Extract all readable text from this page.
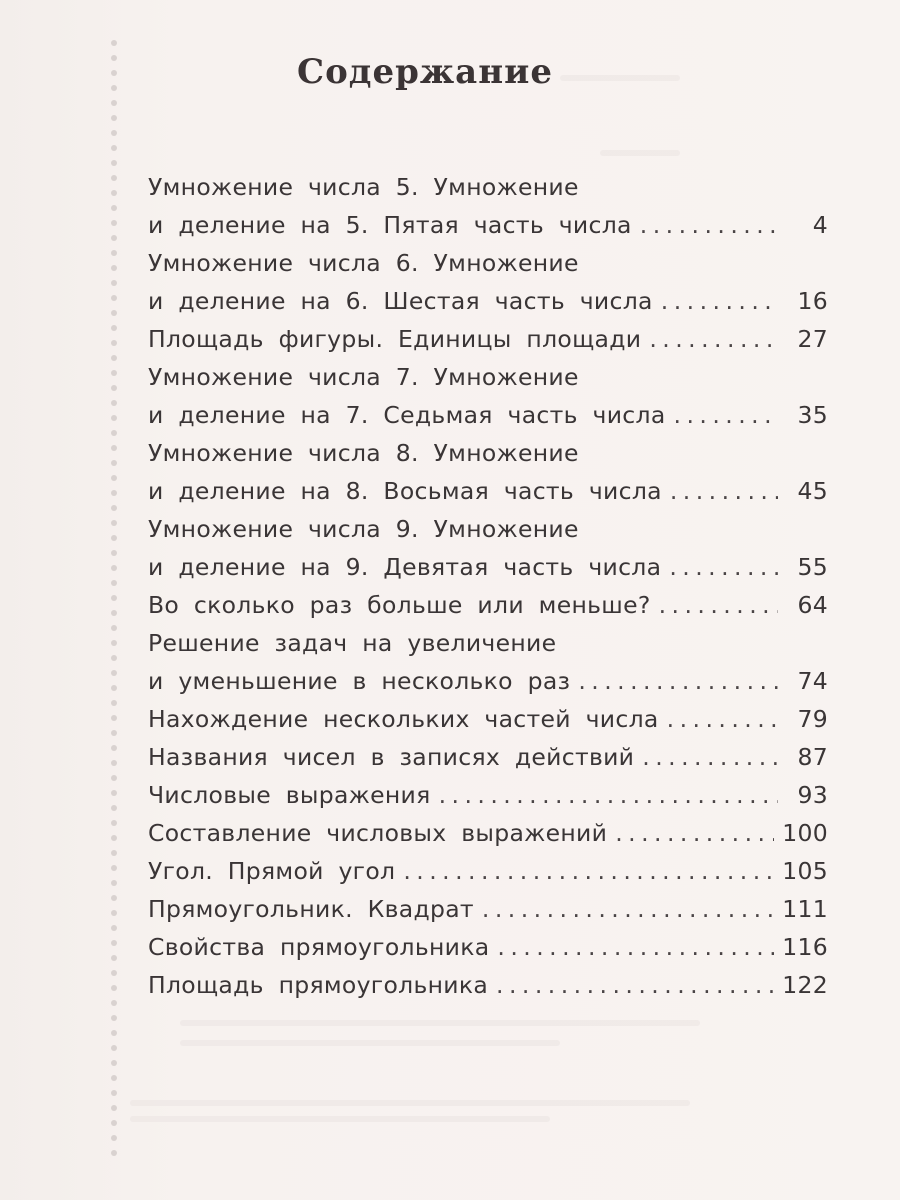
Содержание
Умножение числа 5. Умножение
и деление на 5. Пятая часть числа . . .	4
Умножение числа 6. Умножение
и деление на 6. Шестая часть числа . . .	16
Площадь фигуры. Единицы площади . . .	27
Умножение числа 7. Умножение
и деление на 7. Седьмая часть числа . . .	35
Умножение числа 8. Умножение
и деление на 8. Восьмая часть числа . . .	45
Умножение числа 9. Умножение
и деление на 9. Девятая часть числа . . .	55
Во сколько раз больше или меньше? . . .	64
Решение задач на увеличение
и уменьшение в несколько раз . . .	74
Нахождение нескольких частей числа . . .	79
Названия чисел в записях действий . . .	87
Числовые выражения . . .	93
Составление числовых выражений . . .	100
Угол. Прямой угол . . .	105
Прямоугольник. Квадрат . . .	111
Свойства прямоугольника . . .	116
Площадь прямоугольника . . .	122
